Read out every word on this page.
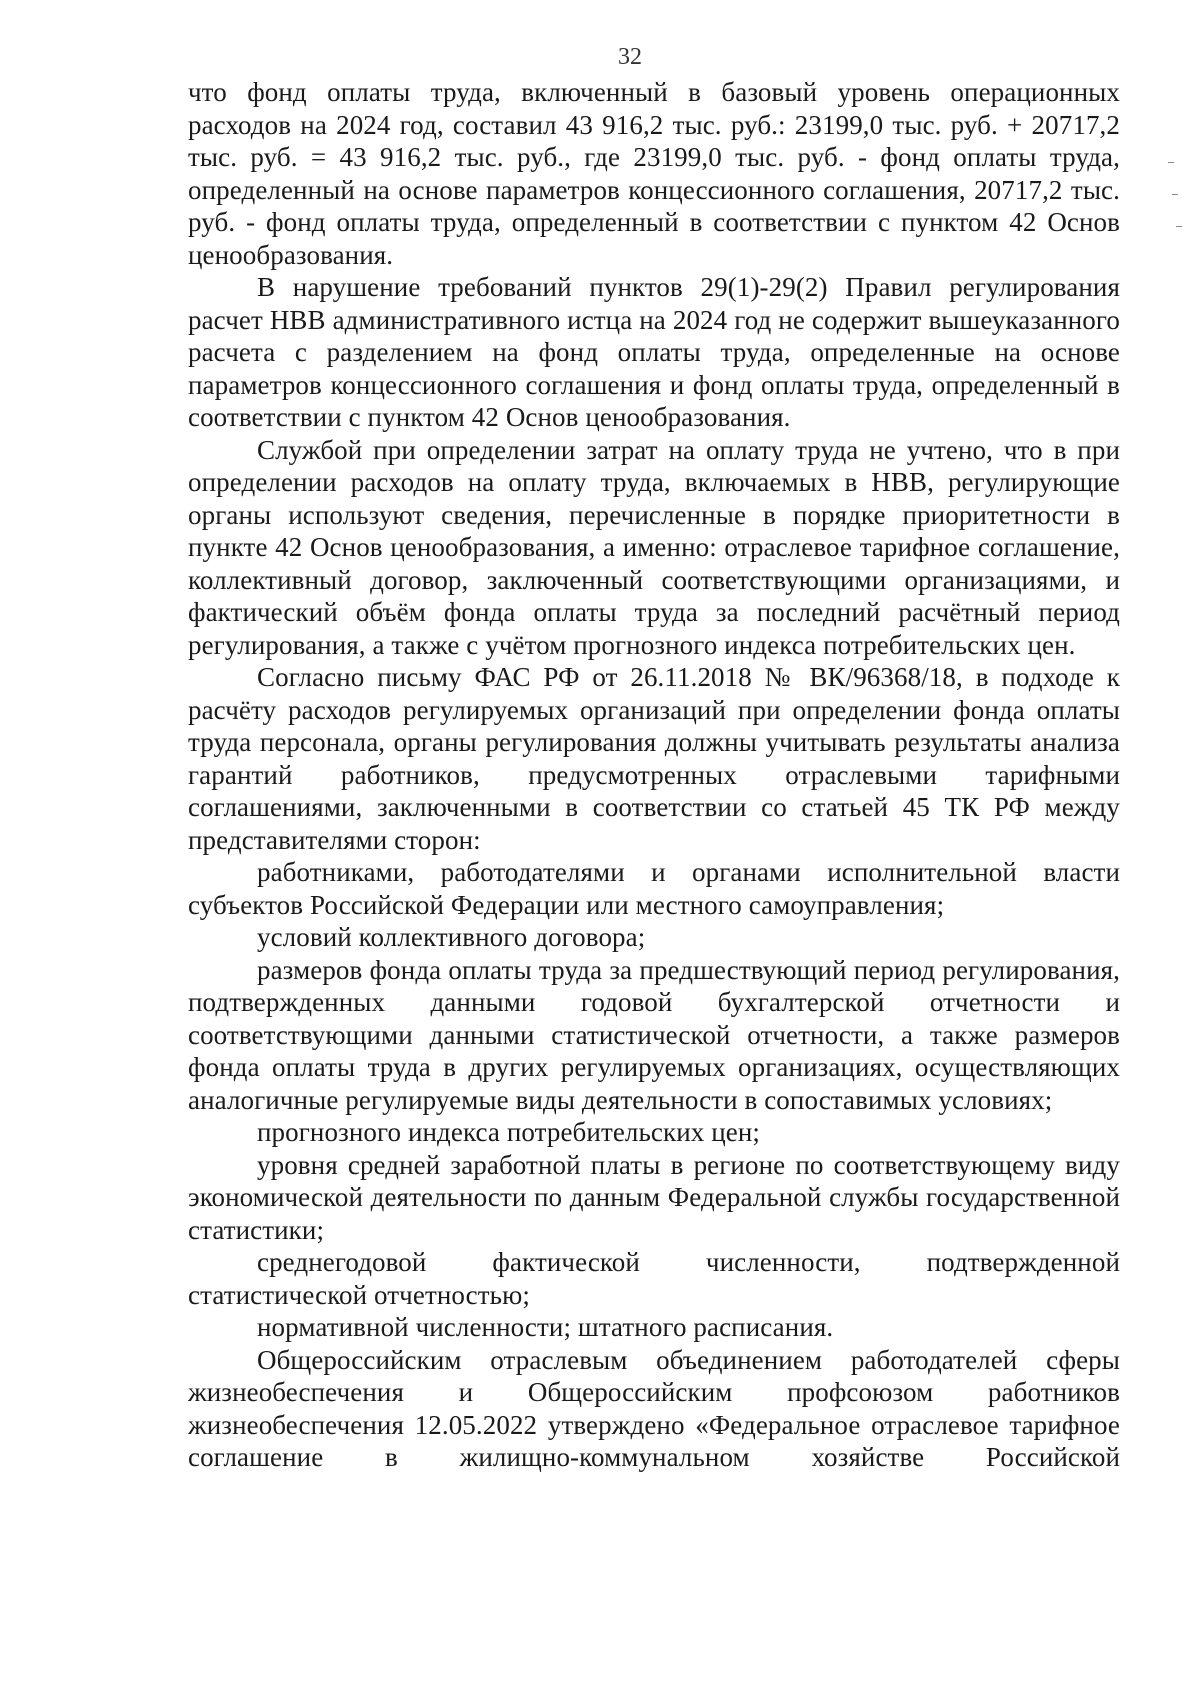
32

что фонд оплаты труда, включенный в базовый уровень операционных расходов на 2024 год, составил 43 916,2 тыс. руб.: 23199,0 тыс. руб. + 20717,2 тыс. руб. = 43 916,2 тыс. руб., где 23199,0 тыс. руб. - фонд оплаты труда, определенный на основе параметров концессионного соглашения, 20717,2 тыс. руб. - фонд оплаты труда, определенный в соответствии с пунктом 42 Основ ценообразования.

В нарушение требований пунктов 29(1)-29(2) Правил регулирования расчет НВВ административного истца на 2024 год не содержит вышеуказанного расчета с разделением на фонд оплаты труда, определенные на основе параметров концессионного соглашения и фонд оплаты труда, определенный в соответствии с пунктом 42 Основ ценообразования.

Службой при определении затрат на оплату труда не учтено, что в при определении расходов на оплату труда, включаемых в НВВ, регулирующие органы используют сведения, перечисленные в порядке приоритетности в пункте 42 Основ ценообразования, а именно: отраслевое тарифное соглашение, коллективный договор, заключенный соответствующими организациями, и фактический объём фонда оплаты труда за последний расчётный период регулирования, а также с учётом прогнозного индекса потребительских цен.

Согласно письму ФАС РФ от 26.11.2018 № ВК/96368/18, в подходе к расчёту расходов регулируемых организаций при определении фонда оплаты труда персонала, органы регулирования должны учитывать результаты анализа гарантий работников, предусмотренных отраслевыми тарифными соглашениями, заключенными в соответствии со статьей 45 ТК РФ между представителями сторон:

работниками, работодателями и органами исполнительной власти субъектов Российской Федерации или местного самоуправления;

условий коллективного договора;

размеров фонда оплаты труда за предшествующий период регулирования, подтвержденных данными годовой бухгалтерской отчетности и соответствующими данными статистической отчетности, а также размеров фонда оплаты труда в других регулируемых организациях, осуществляющих аналогичные регулируемые виды деятельности в сопоставимых условиях;

прогнозного индекса потребительских цен;

уровня средней заработной платы в регионе по соответствующему виду экономической деятельности по данным Федеральной службы государственной статистики;

среднегодовой фактической численности, подтвержденной статистической отчетностью;

нормативной численности; штатного расписания.

Общероссийским отраслевым объединением работодателей сферы жизнеобеспечения и Общероссийским профсоюзом работников жизнеобеспечения 12.05.2022 утверждено «Федеральное отраслевое тарифное соглашение в жилищно-коммунальном хозяйстве Российской
